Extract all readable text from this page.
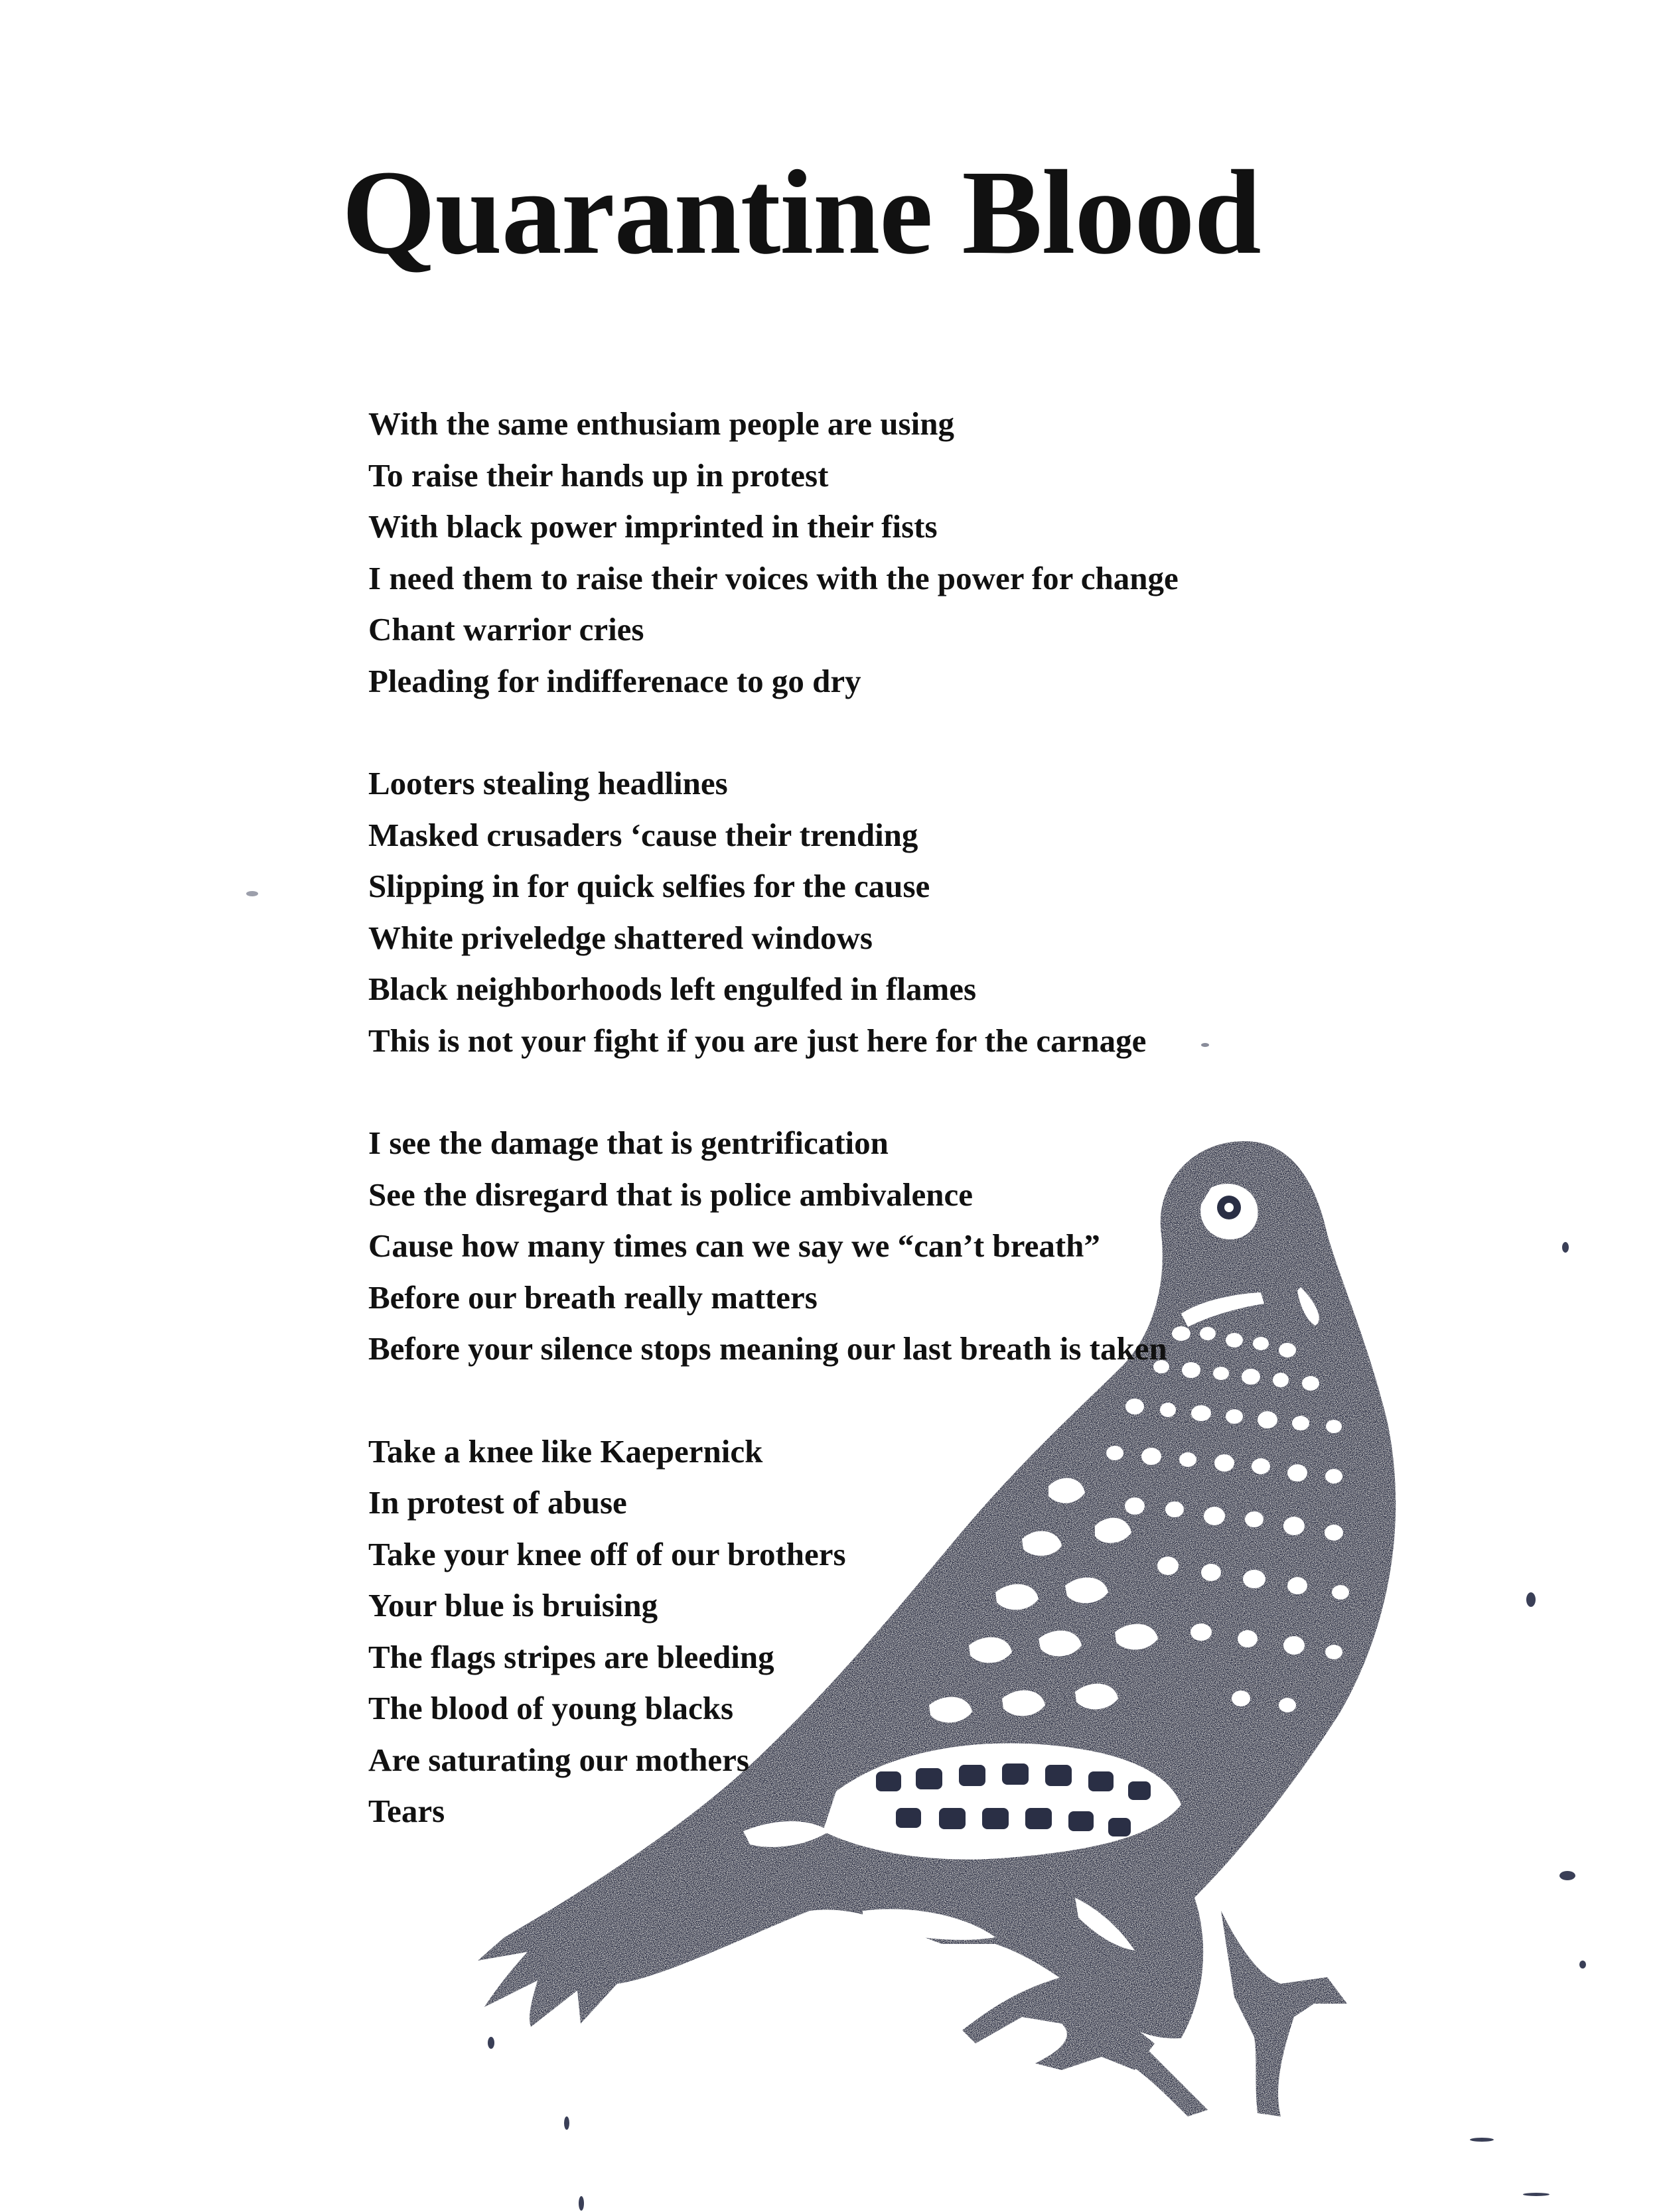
Quarantine Blood
With the same enthusiam people are using
To raise their hands up in protest
With black power imprinted in their fists
I need them to raise their voices with the power for change
Chant warrior cries
Pleading for indifferenace to go dry
Looters stealing headlines
Masked crusaders ‘cause their trending
Slipping in for quick selfies for the cause
White priveledge shattered windows
Black neighborhoods left engulfed in flames
This is not your fight if you are just here for the carnage
I see the damage that is gentrification
See the disregard that is police ambivalence
Cause how many times can we say we “can’t breath”
Before our breath really matters
Before your silence stops meaning our last breath is taken
Take a knee like Kaepernick
In protest of abuse
Take your knee off of our brothers
Your blue is bruising
The flags stripes are bleeding
The blood of young blacks
Are saturating our mothers
Tears
